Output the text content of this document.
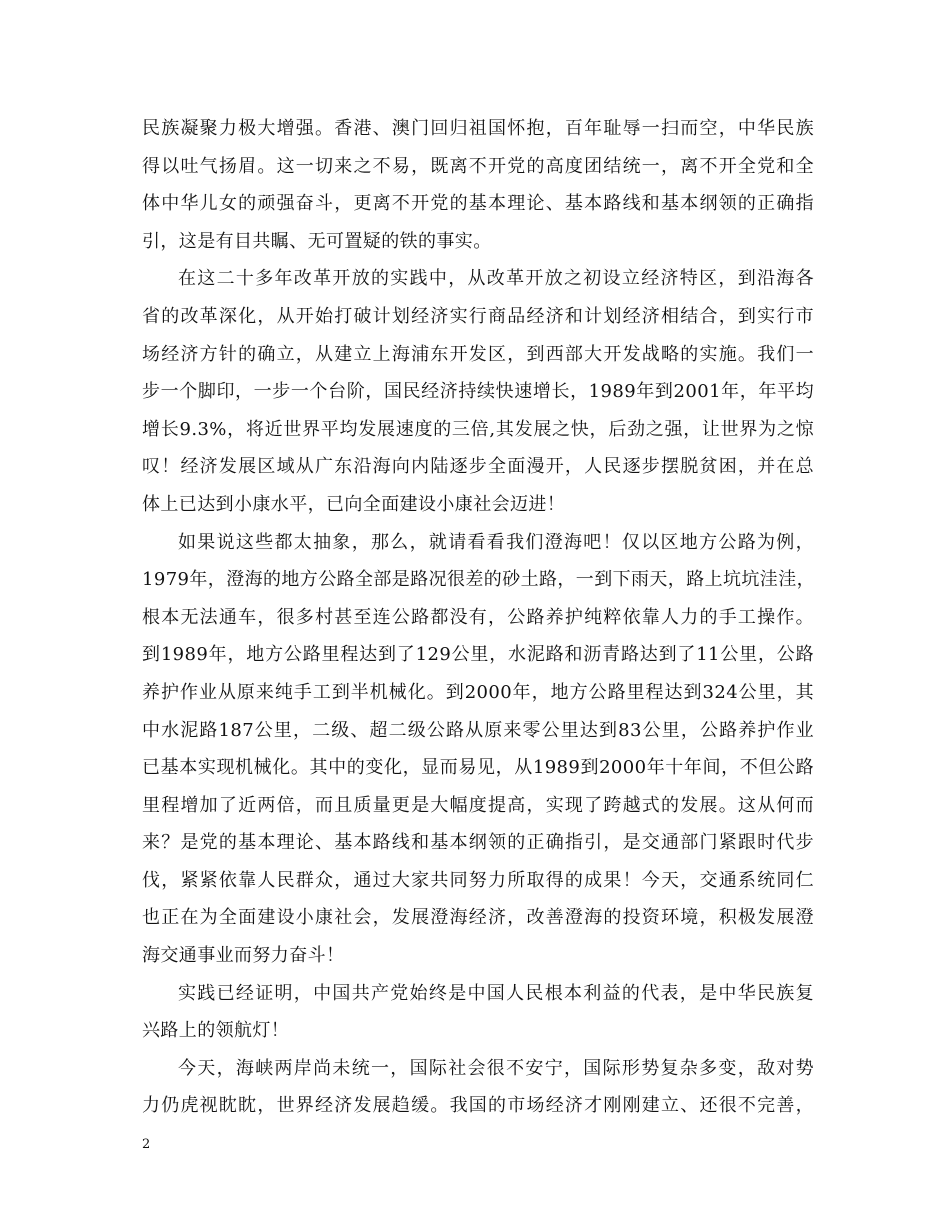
民族凝聚力极大增强。香港、澳门回归祖国怀抱，百年耻辱一扫而空，中华民族
得以吐气扬眉。这一切来之不易，既离不开党的高度团结统一，离不开全党和全
体中华儿女的顽强奋斗，更离不开党的基本理论、基本路线和基本纲领的正确指
引，这是有目共瞩、无可置疑的铁的事实。
在这二十多年改革开放的实践中，从改革开放之初设立经济特区，到沿海各
省的改革深化，从开始打破计划经济实行商品经济和计划经济相结合，到实行市
场经济方针的确立，从建立上海浦东开发区，到西部大开发战略的实施。我们一
步一个脚印，一步一个台阶，国民经济持续快速增长，1989年到2001年，年平均
增长9.3%，将近世界平均发展速度的三倍,其发展之快，后劲之强，让世界为之惊
叹！经济发展区域从广东沿海向内陆逐步全面漫开，人民逐步摆脱贫困，并在总
体上已达到小康水平，已向全面建设小康社会迈进！
如果说这些都太抽象，那么，就请看看我们澄海吧！仅以区地方公路为例，
1979年，澄海的地方公路全部是路况很差的砂土路，一到下雨天，路上坑坑洼洼，
根本无法通车，很多村甚至连公路都没有，公路养护纯粹依靠人力的手工操作。
到1989年，地方公路里程达到了129公里，水泥路和沥青路达到了11公里，公路
养护作业从原来纯手工到半机械化。到2000年，地方公路里程达到324公里，其
中水泥路187公里，二级、超二级公路从原来零公里达到83公里，公路养护作业
已基本实现机械化。其中的变化，显而易见，从1989到2000年十年间，不但公路
里程增加了近两倍，而且质量更是大幅度提高，实现了跨越式的发展。这从何而
来？是党的基本理论、基本路线和基本纲领的正确指引，是交通部门紧跟时代步
伐，紧紧依靠人民群众，通过大家共同努力所取得的成果！今天，交通系统同仁
也正在为全面建设小康社会，发展澄海经济，改善澄海的投资环境，积极发展澄
海交通事业而努力奋斗！
实践已经证明，中国共产党始终是中国人民根本利益的代表，是中华民族复
兴路上的领航灯！
今天，海峡两岸尚未统一，国际社会很不安宁，国际形势复杂多变，敌对势
力仍虎视眈眈，世界经济发展趋缓。我国的市场经济才刚刚建立、还很不完善，
2
